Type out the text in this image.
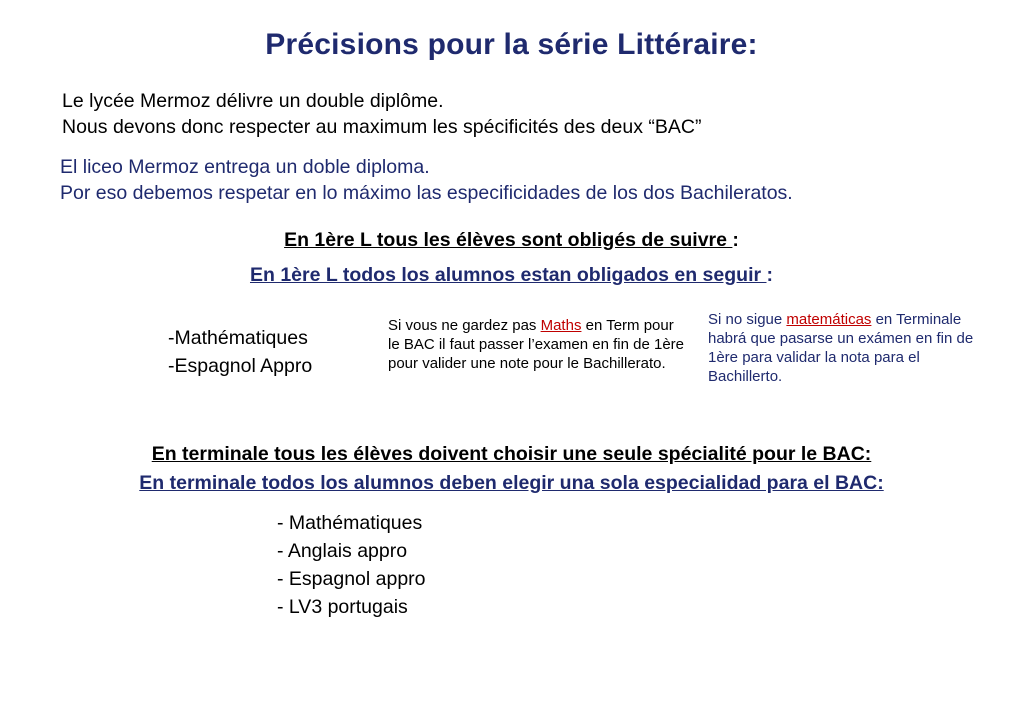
Précisions pour la série Littéraire:
Le lycée Mermoz délivre un double diplôme.
Nous devons donc respecter au maximum les spécificités des deux “BAC”
El liceo Mermoz entrega un doble diploma.
Por eso debemos respetar en lo máximo las especificidades de los dos Bachileratos.
En 1ère L tous les élèves sont obligés de suivre :
En 1ère L todos los alumnos estan obligados en seguir :
-Mathématiques
-Espagnol Appro
Si vous ne gardez pas Maths en Term pour le BAC il faut passer l’examen en fin de 1ère pour valider une note pour le Bachillerato.
Si no sigue matemáticas en Terminale habrá que pasarse un exámen en fin de 1ère para validar la nota para el Bachillerto.
En terminale tous les élèves doivent choisir une seule spécialité pour le BAC:
En terminale todos los alumnos deben elegir una sola especialidad para el BAC:
- Mathématiques
- Anglais appro
- Espagnol appro
- LV3 portugais
